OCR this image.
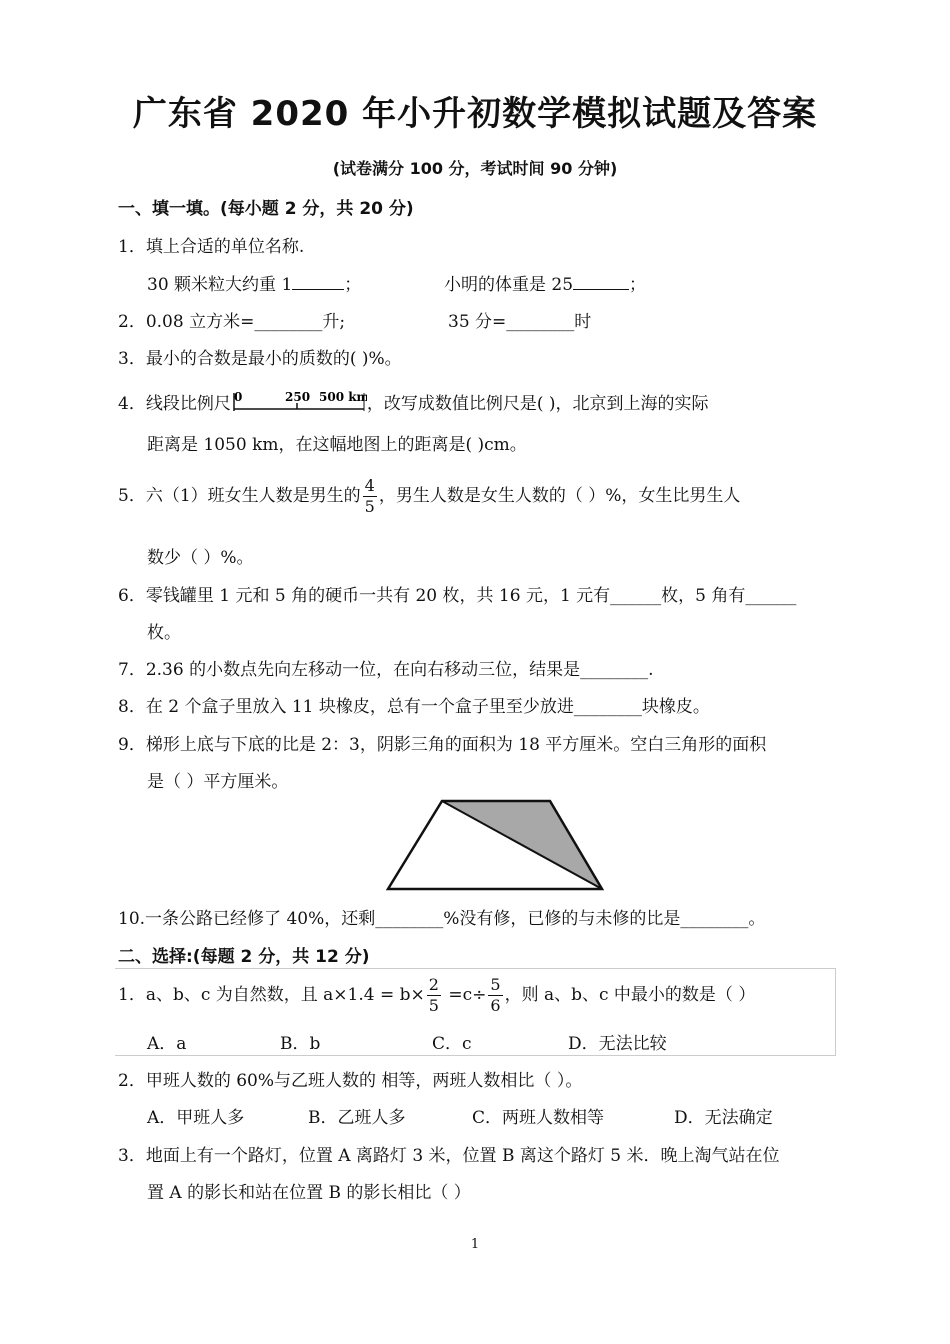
广东省 2020 年小升初数学模拟试题及答案
(试卷满分 100 分，考试时间 90 分钟)
一、填一填。(每小题 2 分，共 20 分)
1．填上合适的单位名称.
30 颗米粒大约重 1	；	小明的体重是 25	；
2．0.08 立方米=________升;	35 分=________时
3．最小的合数是最小的质数的( )%。
4．线段比例尺 0	250 500 km
，改写成数值比例尺是( )，北京到上海的实际
距离是 1050 km，在这幅地图上的距离是( )cm。
5．六（1）班女生人数是男生的 $\frac{4}{5}$ ，男生人数是女生人数的（ ）%，女生比男生人
数少（ ）%。
6．零钱罐里 1 元和 5 角的硬币一共有 20 枚，共 16 元，1 元有______枚，5 角有______
枚。
7．2.36 的小数点先向左移动一位，在向右移动三位，结果是________.
8．在 2 个盒子里放入 11 块橡皮，总有一个盒子里至少放进________块橡皮。
9．梯形上底与下底的比是 2：3，阴影三角的面积为 18 平方厘米。空白三角形的面积
是（ ）平方厘米。
10.一条公路已经修了 40%，还剩________%没有修，已修的与未修的比是________。
二、选择:(每题 2 分，共 12 分)
1．a、b、c 为自然数，且 $a\times 1.4 = b\times \frac{2}{5} =c\div \frac{5}{6}$ ，则 a、b、c 中最小的数是（ ）
A．a	B．b	C．c	D．无法比较
2．甲班人数的 60%与乙班人数的 相等，两班人数相比（ ）。
A．甲班人多	B．乙班人多	C．两班人数相等	D．无法确定
3．地面上有一个路灯，位置 A 离路灯 3 米，位置 B 离这个路灯 5 米．晚上淘气站在位
置 A 的影长和站在位置 B 的影长相比（ ）
1
